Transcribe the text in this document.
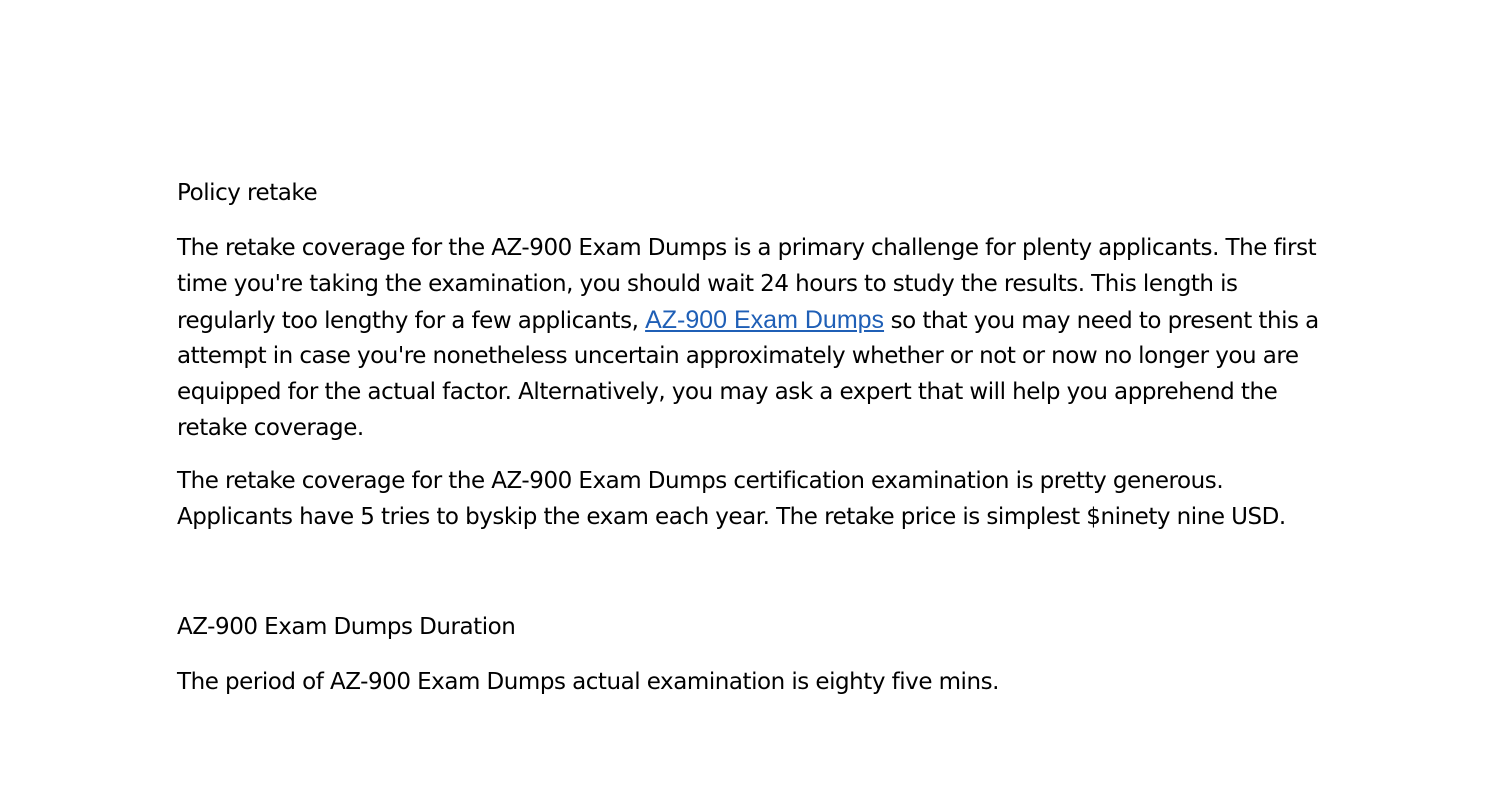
Policy retake

The retake coverage for the AZ-900 Exam Dumps is a primary challenge for plenty applicants. The first time you're taking the examination, you should wait 24 hours to study the results. This length is regularly too lengthy for a few applicants, AZ-900 Exam Dumps so that you may need to present this a attempt in case you're nonetheless uncertain approximately whether or not or now no longer you are equipped for the actual factor. Alternatively, you may ask a expert that will help you apprehend the retake coverage.

The retake coverage for the AZ-900 Exam Dumps certification examination is pretty generous. Applicants have 5 tries to byskip the exam each year. The retake price is simplest $ninety nine USD.

AZ-900 Exam Dumps Duration

The period of AZ-900 Exam Dumps actual examination is eighty five mins.
